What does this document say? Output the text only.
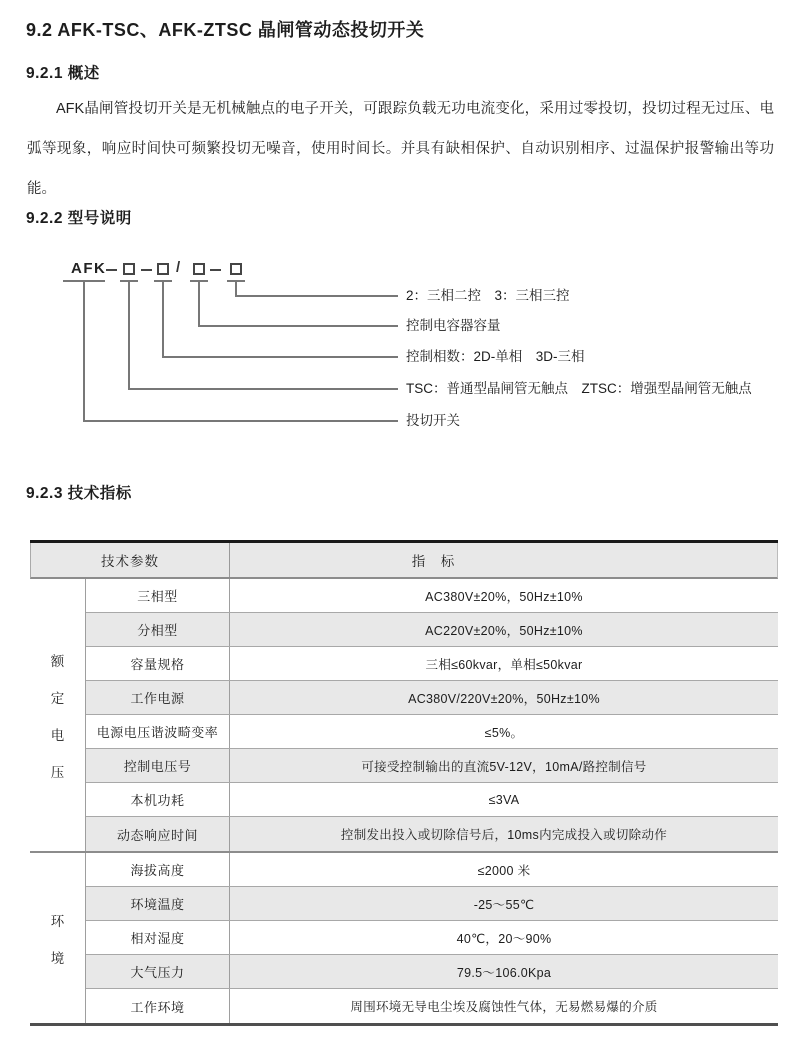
9.2 AFK-TSC、AFK-ZTSC 晶闸管动态投切开关
9.2.1 概述

AFK晶闸管投切开关是无机械触点的电子开关，可跟踪负载无功电流变化，采用过零投切，投切过程无过压、电弧等现象，响应时间快可频繁投切无噪音，使用时间长。并具有缺相保护、自动识别相序、过温保护报警输出等功能。

9.2.2 型号说明
AFK	/
2：三相二控　3：三相三控
控制电容器容量
控制相数：2D-单相　3D-三相
TSC：普通型晶闸管无触点　ZTSC：增强型晶闸管无触点
投切开关
9.2.3 技术指标
技术参数	指　标
额
定
电
压
三相型	AC380V±20%，50Hz±10%
分相型	AC220V±20%，50Hz±10%
容量规格	三相≤60kvar，单相≤50kvar
工作电源	AC380V/220V±20%，50Hz±10%
电源电压谐波畸变率	≤5%。
控制电压号	可接受控制输出的直流5V-12V，10mA/路控制信号
本机功耗	≤3VA
动态响应时间	控制发出投入或切除信号后，10ms内完成投入或切除动作
环
境
海拔高度	≤2000 米
环境温度	-25～55℃
相对湿度	40℃，20～90%
大气压力	79.5～106.0Kpa
工作环境	周围环境无导电尘埃及腐蚀性气体，无易燃易爆的介质
